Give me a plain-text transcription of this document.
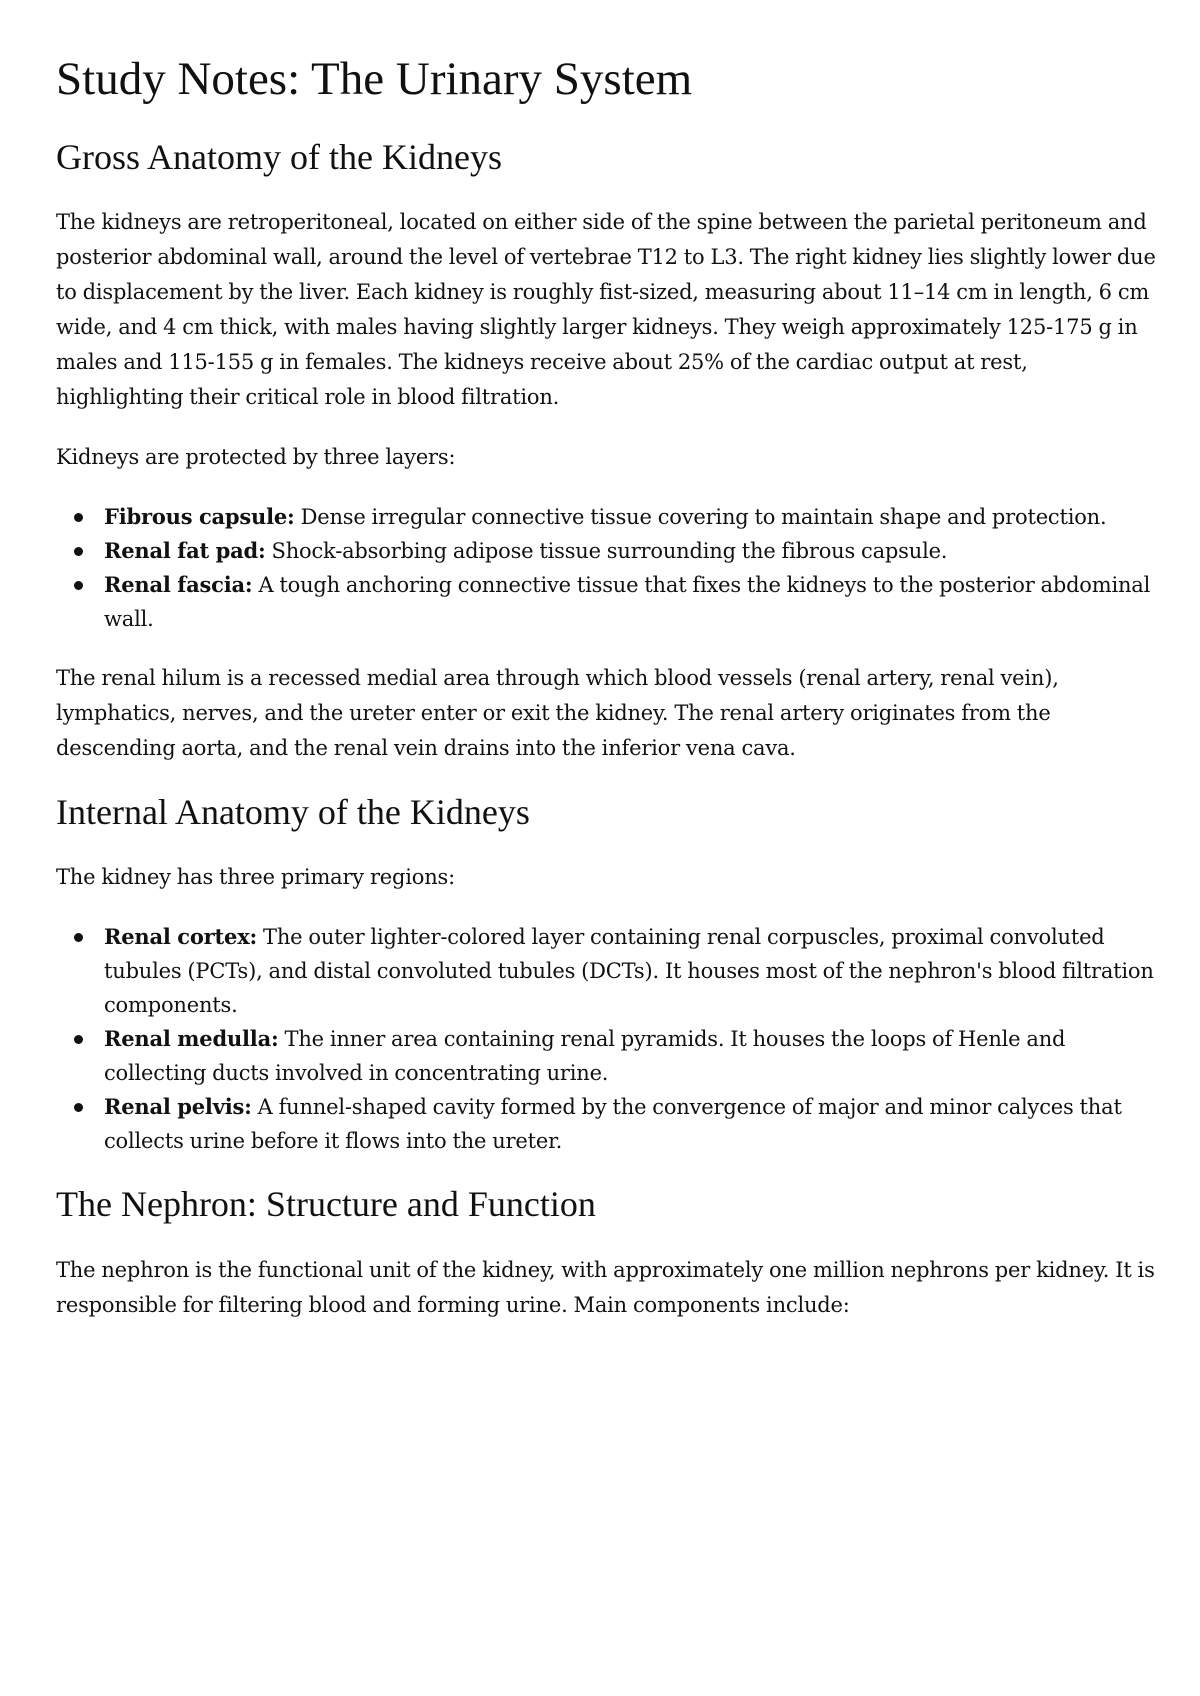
Study Notes: The Urinary System
Gross Anatomy of the Kidneys

The kidneys are retroperitoneal, located on either side of the spine between the parietal peritoneum and posterior abdominal wall, around the level of vertebrae T12 to L3. The right kidney lies slightly lower due to displacement by the liver. Each kidney is roughly fist-sized, measuring about 11–14 cm in length, 6 cm wide, and 4 cm thick, with males having slightly larger kidneys. They weigh approximately 125-175 g in males and 115-155 g in females. The kidneys receive about 25% of the cardiac output at rest, highlighting their critical role in blood filtration.

Kidneys are protected by three layers:

Fibrous capsule: Dense irregular connective tissue covering to maintain shape and protection.
Renal fat pad: Shock-absorbing adipose tissue surrounding the fibrous capsule.
Renal fascia: A tough anchoring connective tissue that fixes the kidneys to the posterior abdominal wall.

The renal hilum is a recessed medial area through which blood vessels (renal artery, renal vein), lymphatics, nerves, and the ureter enter or exit the kidney. The renal artery originates from the descending aorta, and the renal vein drains into the inferior vena cava.

Internal Anatomy of the Kidneys

The kidney has three primary regions:

Renal cortex: The outer lighter-colored layer containing renal corpuscles, proximal convoluted tubules (PCTs), and distal convoluted tubules (DCTs). It houses most of the nephron's blood filtration components.
Renal medulla: The inner area containing renal pyramids. It houses the loops of Henle and collecting ducts involved in concentrating urine.
Renal pelvis: A funnel-shaped cavity formed by the convergence of major and minor calyces that collects urine before it flows into the ureter.
The Nephron: Structure and Function

The nephron is the functional unit of the kidney, with approximately one million nephrons per kidney. It is responsible for filtering blood and forming urine. Main components include:
